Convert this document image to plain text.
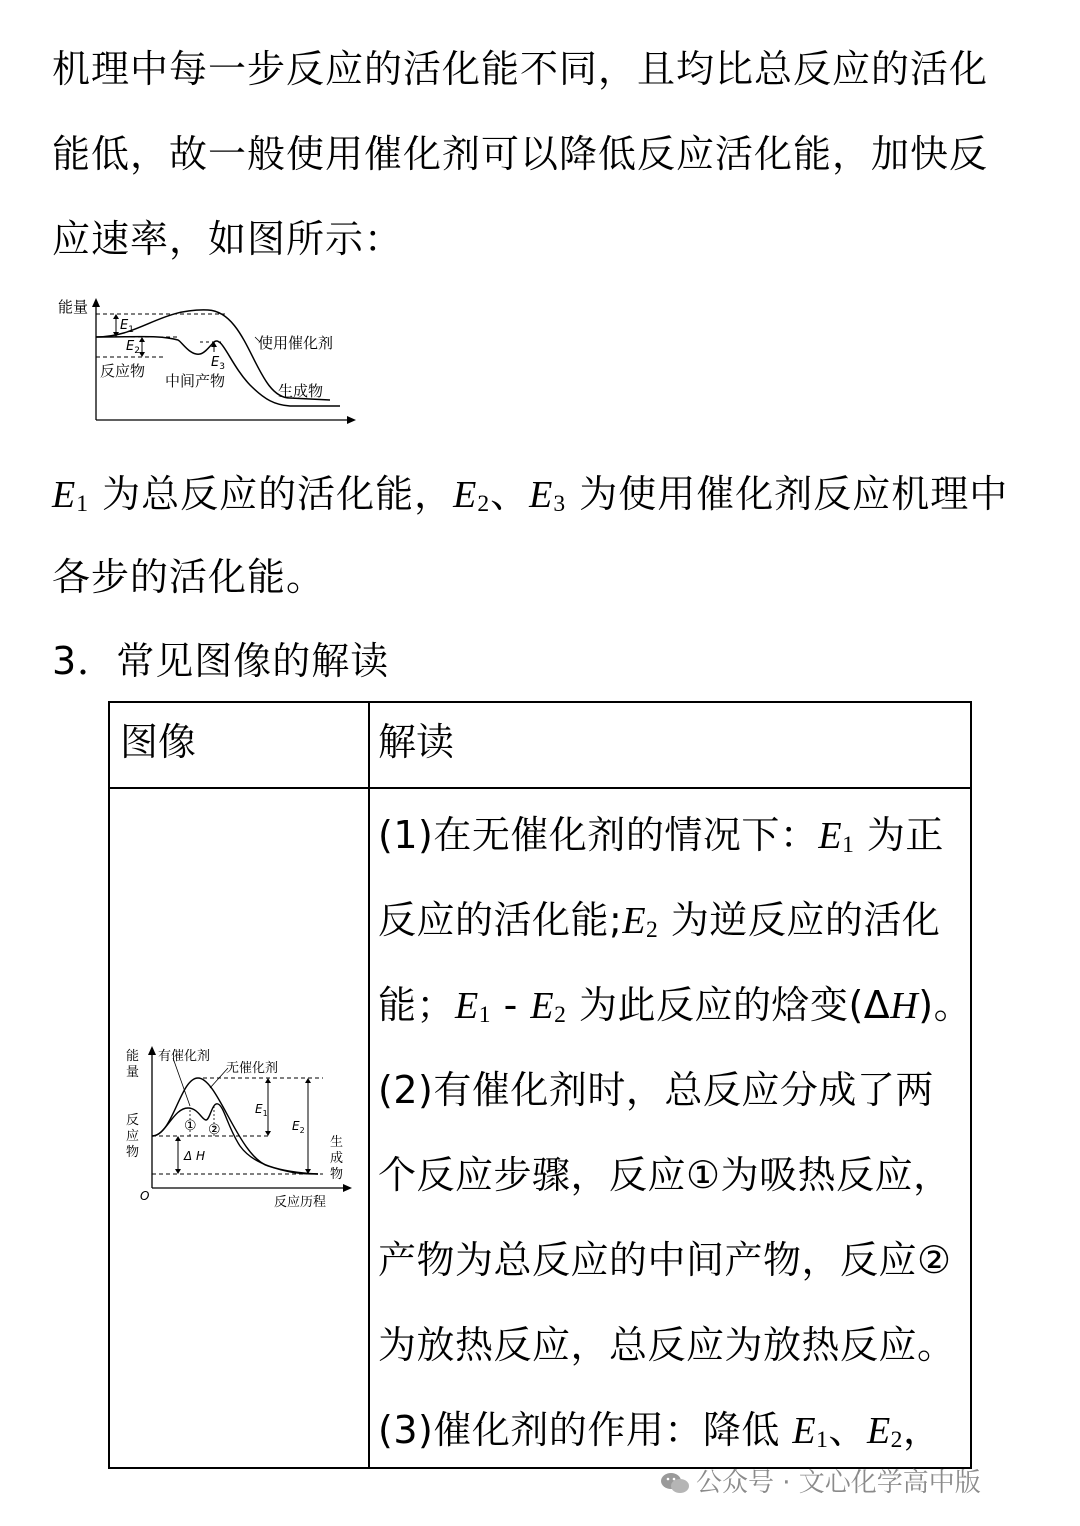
机理中每一步反应的活化能不同，且均比总反应的活化
能低，故一般使用催化剂可以降低反应活化能，加快反
应速率，如图所示：
能量
$E_1$
$E_2$
$E_3$
使用催化剂
反应物
中间产物
生成物
E1 为总反应的活化能，E2、E3 为使用催化剂反应机理中
各步的活化能。
3．常见图像的解读
图像	解读
能
量
有催化剂
无催化剂
反
应
物
① ②
$E_1$
$E_2$
Δ H
生
成
物
O	反应历程
(1)在无催化剂的情况下：E1 为正
反应的活化能;E2 为逆反应的活化
能；E1 - E2 为此反应的焓变(ΔH)。
(2)有催化剂时，总反应分成了两
个反应步骤，反应①为吸热反应，
产物为总反应的中间产物，反应②
为放热反应，总反应为放热反应。
(3)催化剂的作用：降低 E1、E2，
公众号 · 文心化学高中版
